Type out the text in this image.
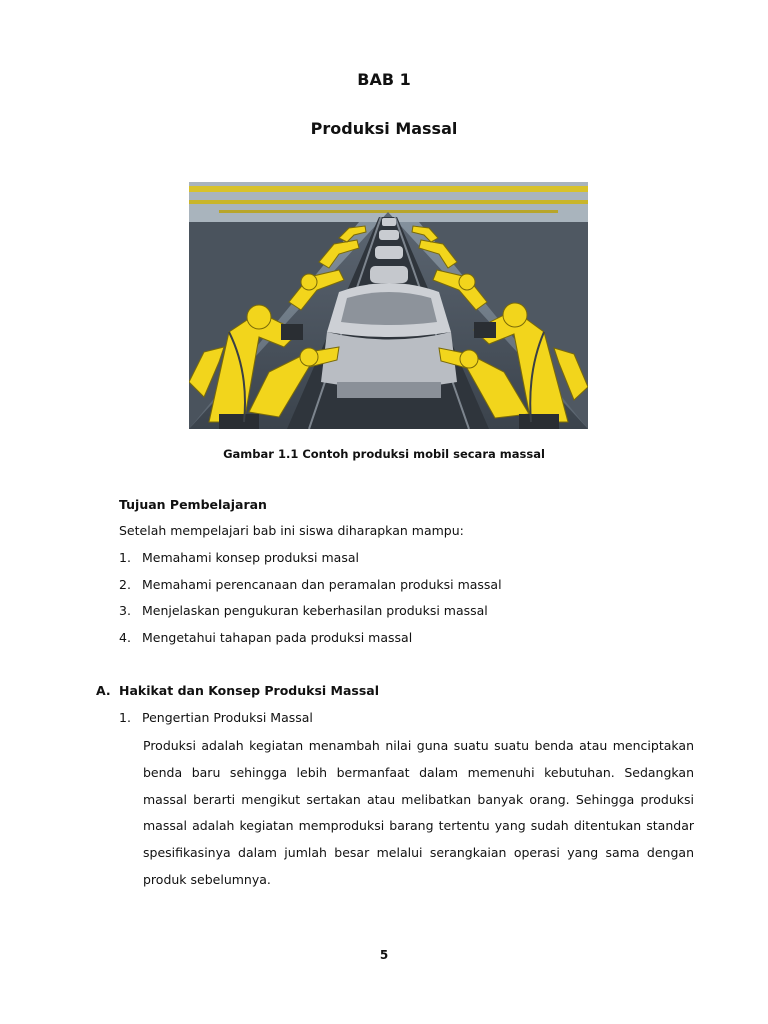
BAB 1
Produksi Massal
Gambar 1.1 Contoh produksi mobil secara massal
Tujuan Pembelajaran
Setelah mempelajari bab ini siswa diharapkan mampu:
1. Memahami konsep produksi masal
2. Memahami perencanaan dan peramalan produksi massal
3. Menjelaskan pengukuran keberhasilan produksi massal
4. Mengetahui tahapan pada produksi massal
A. Hakikat dan Konsep Produksi Massal
1. Pengertian Produksi Massal
Produksi adalah kegiatan menambah nilai guna suatu suatu benda atau menciptakan benda baru sehingga lebih bermanfaat dalam memenuhi kebutuhan. Sedangkan massal berarti mengikut sertakan atau melibatkan banyak orang. Sehingga produksi massal adalah kegiatan memproduksi barang tertentu yang sudah ditentukan standar spesifikasinya dalam jumlah besar melalui serangkaian operasi yang sama dengan produk sebelumnya.
5
